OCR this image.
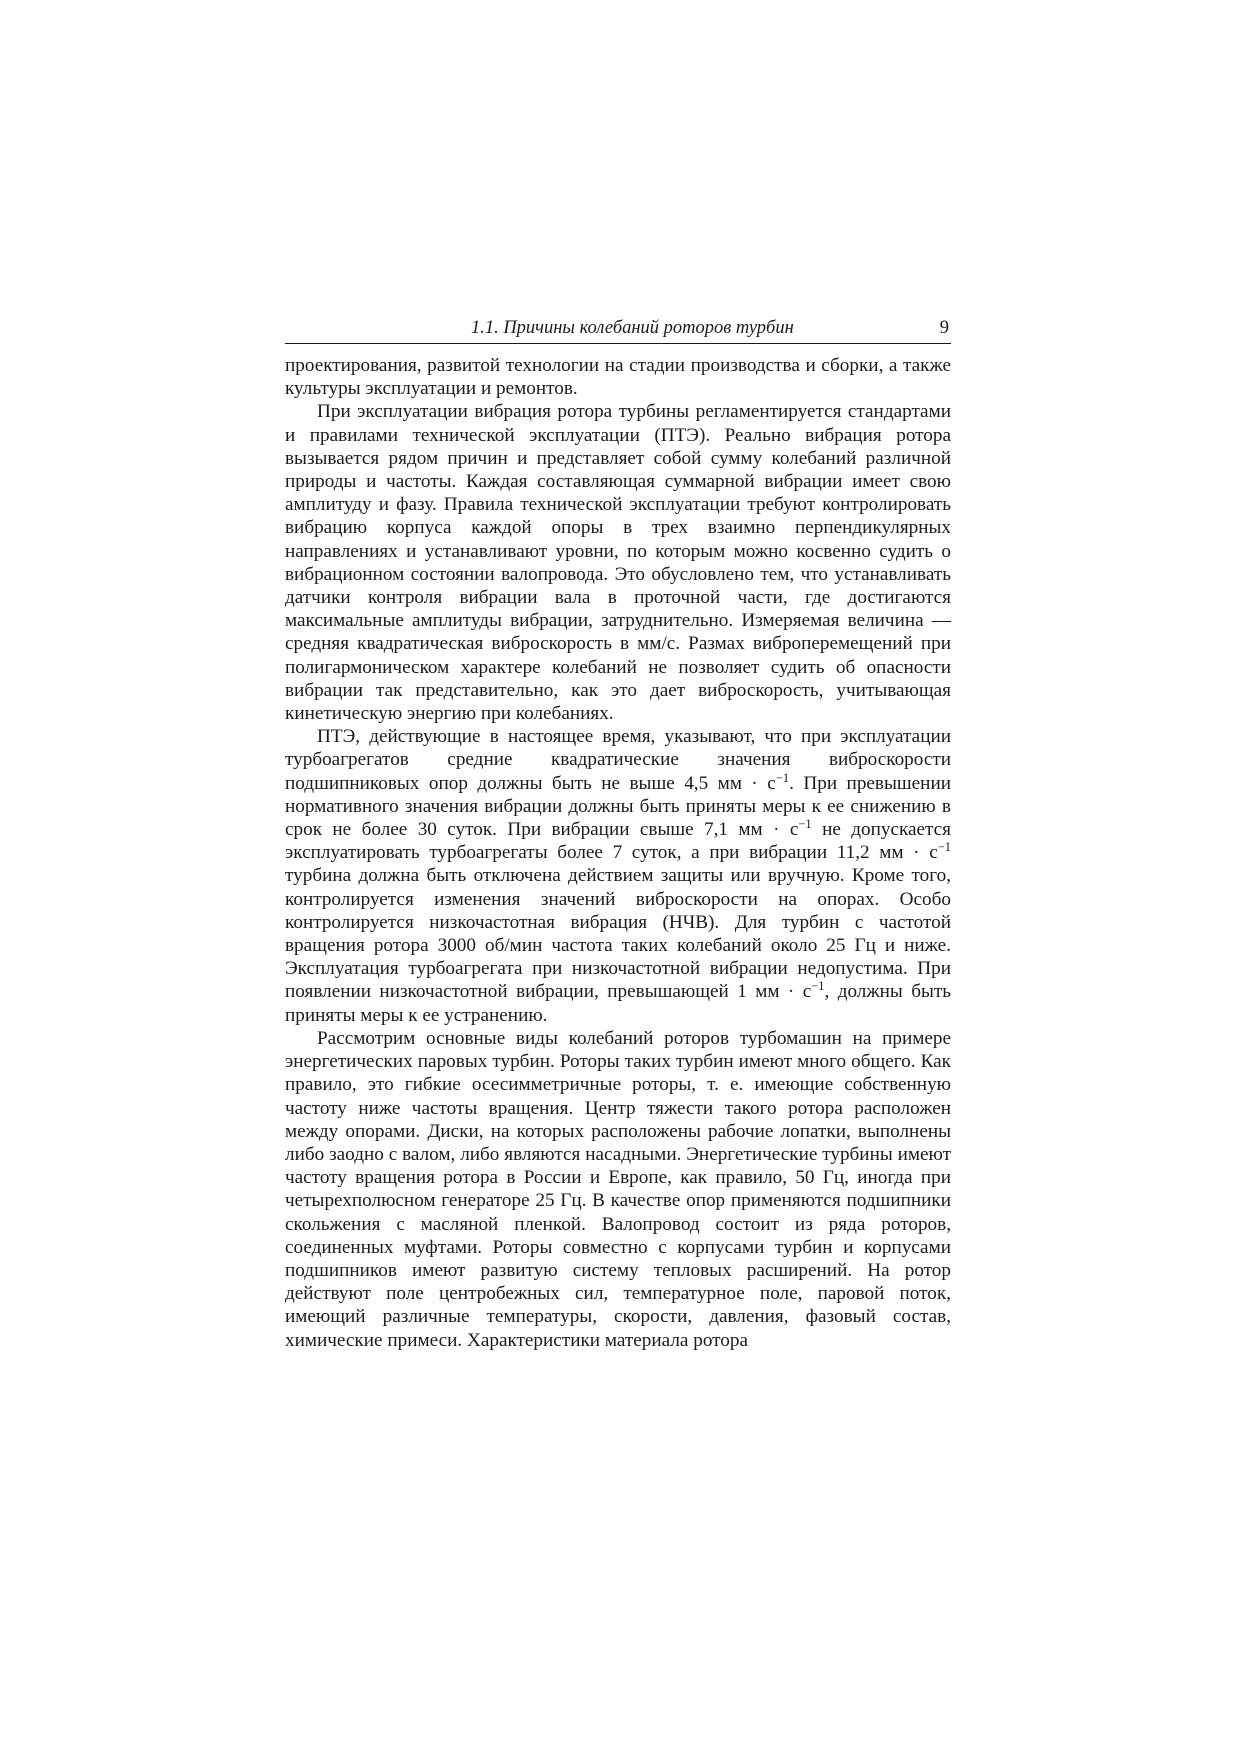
1.1. Причины колебаний роторов турбин	9

проектирования, развитой технологии на стадии производства и сборки, а также культуры эксплуатации и ремонтов.

При эксплуатации вибрация ротора турбины регламентируется стандартами и правилами технической эксплуатации (ПТЭ). Реально вибрация ротора вызывается рядом причин и представляет собой сумму колебаний различной природы и частоты. Каждая составляющая суммарной вибрации имеет свою амплитуду и фазу. Правила технической эксплуатации требуют контролировать вибрацию корпуса каждой опоры в трех взаимно перпендикулярных направлениях и устанавливают уровни, по которым можно косвенно судить о вибрационном состоянии валопровода. Это обусловлено тем, что устанавливать датчики контроля вибрации вала в проточной части, где достигаются максимальные амплитуды вибрации, затруднительно. Измеряемая величина — средняя квадратическая виброскорость в мм/с. Размах виброперемещений при полигармоническом характере колебаний не позволяет судить об опасности вибрации так представительно, как это дает виброскорость, учитывающая кинетическую энергию при колебаниях.

ПТЭ, действующие в настоящее время, указывают, что при эксплуатации турбоагрегатов средние квадратические значения виброскорости подшипниковых опор должны быть не выше 4,5 мм · $с^{-1}$. При превышении нормативного значения вибрации должны быть приняты меры к ее снижению в срок не более 30 суток. При вибрации свыше 7,1 мм · $с^{-1}$ не допускается эксплуатировать турбоагрегаты более 7 суток, а при вибрации 11,2 мм · $с^{-1}$ турбина должна быть отключена действием защиты или вручную. Кроме того, контролируется изменения значений виброскорости на опорах. Особо контролируется низкочастотная вибрация (НЧВ). Для турбин с частотой вращения ротора 3000 об/мин частота таких колебаний около 25 Гц и ниже. Эксплуатация турбоагрегата при низкочастотной вибрации недопустима. При появлении низкочастотной вибрации, превышающей 1 мм · $с^{-1}$, должны быть приняты меры к ее устранению.

Рассмотрим основные виды колебаний роторов турбомашин на примере энергетических паровых турбин. Роторы таких турбин имеют много общего. Как правило, это гибкие осесимметричные роторы, т. е. имеющие собственную частоту ниже частоты вращения. Центр тяжести такого ротора расположен между опорами. Диски, на которых расположены рабочие лопатки, выполнены либо заодно с валом, либо являются насадными. Энергетические турбины имеют частоту вращения ротора в России и Европе, как правило, 50 Гц, иногда при четырехполюсном генераторе 25 Гц. В качестве опор применяются подшипники скольжения с масляной пленкой. Валопровод состоит из ряда роторов, соединенных муфтами. Роторы совместно с корпусами турбин и корпусами подшипников имеют развитую систему тепловых расширений. На ротор действуют поле центробежных сил, температурное поле, паровой поток, имеющий различные температуры, скорости, давления, фазовый состав, химические примеси. Характеристики материала ротора
